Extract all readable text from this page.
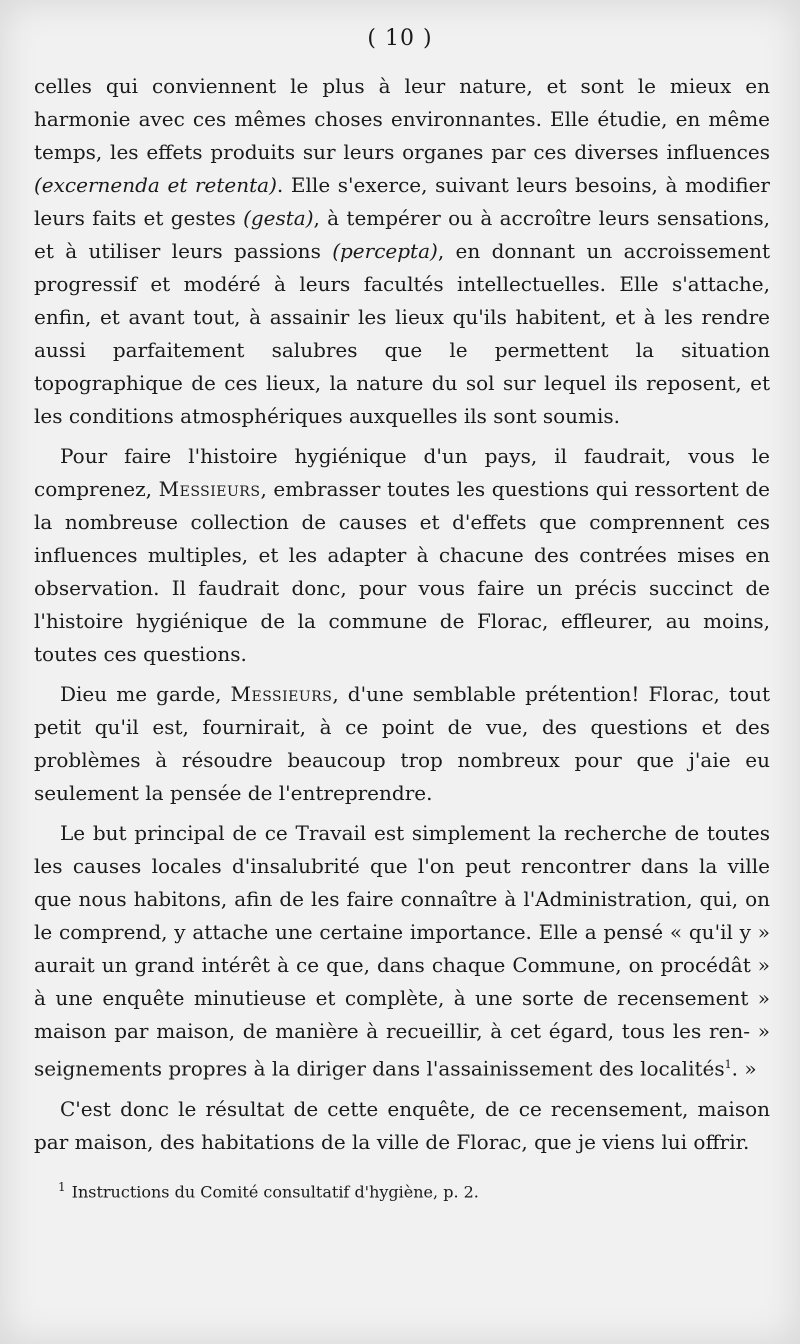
( 10 )

celles qui conviennent le plus à leur nature, et sont le mieux en harmonie avec ces mêmes choses environnantes. Elle étudie, en même temps, les effets produits sur leurs organes par ces diverses influences (excernenda et retenta). Elle s'exerce, suivant leurs besoins, à modifier leurs faits et gestes (gesta), à tempérer ou à accroître leurs sensations, et à utiliser leurs passions (percepta), en donnant un accroissement progressif et modéré à leurs facultés intellectuelles. Elle s'attache, enfin, et avant tout, à assainir les lieux qu'ils habitent, et à les rendre aussi parfaitement salubres que le permettent la situation topographique de ces lieux, la nature du sol sur lequel ils reposent, et les conditions atmosphériques auxquelles ils sont soumis.

Pour faire l'histoire hygiénique d'un pays, il faudrait, vous le comprenez, Messieurs, embrasser toutes les questions qui ressortent de la nombreuse collection de causes et d'effets que comprennent ces influences multiples, et les adapter à chacune des contrées mises en observation. Il faudrait donc, pour vous faire un précis succinct de l'histoire hygiénique de la commune de Florac, effleurer, au moins, toutes ces questions.

Dieu me garde, Messieurs, d'une semblable prétention! Florac, tout petit qu'il est, fournirait, à ce point de vue, des questions et des problèmes à résoudre beaucoup trop nombreux pour que j'aie eu seulement la pensée de l'entreprendre.

Le but principal de ce Travail est simplement la recherche de toutes les causes locales d'insalubrité que l'on peut rencontrer dans la ville que nous habitons, afin de les faire connaître à l'Administration, qui, on le comprend, y attache une certaine importance. Elle a pensé « qu'il y » aurait un grand intérêt à ce que, dans chaque Commune, on procédât » à une enquête minutieuse et complète, à une sorte de recensement » maison par maison, de manière à recueillir, à cet égard, tous les ren- » seignements propres à la diriger dans l'assainissement des localités$^1$. »

C'est donc le résultat de cette enquête, de ce recensement, maison par maison, des habitations de la ville de Florac, que je viens lui offrir.

$^1$ Instructions du Comité consultatif d'hygiène, p. 2.
